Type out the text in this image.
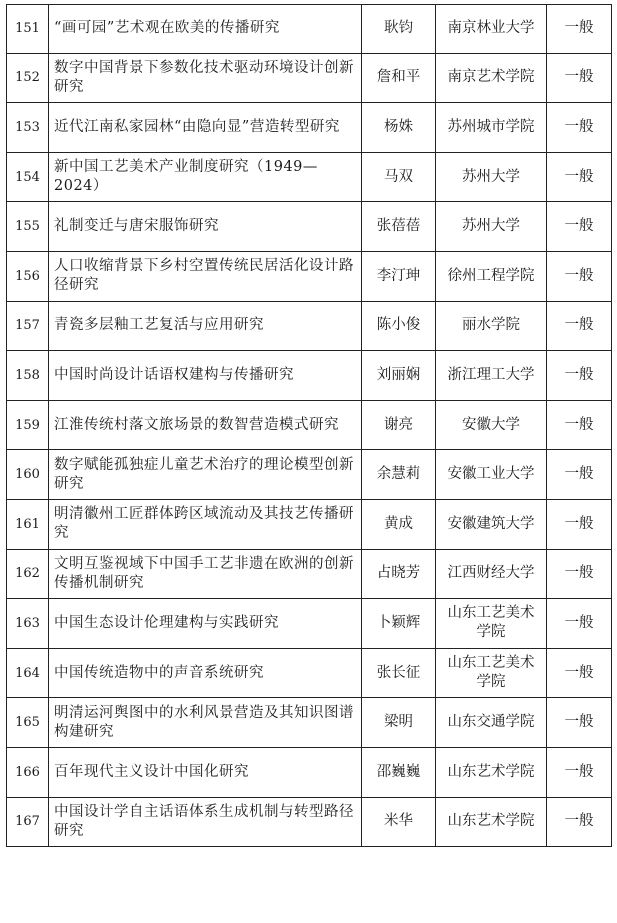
151	“画可园”艺术观在欧美的传播研究	耿钧	南京林业大学	一般
152	数字中国背景下参数化技术驱动环境设计创新研究	詹和平	南京艺术学院	一般
153	近代江南私家园林“由隐向显”营造转型研究	杨姝	苏州城市学院	一般
154	新中国工艺美术产业制度研究（1949—2024）	马双	苏州大学	一般
155	礼制变迁与唐宋服饰研究	张蓓蓓	苏州大学	一般
156	人口收缩背景下乡村空置传统民居活化设计路径研究	李汀珅	徐州工程学院	一般
157	青瓷多层釉工艺复活与应用研究	陈小俊	丽水学院	一般
158	中国时尚设计话语权建构与传播研究	刘丽娴	浙江理工大学	一般
159	江淮传统村落文旅场景的数智营造模式研究	谢亮	安徽大学	一般
160	数字赋能孤独症儿童艺术治疗的理论模型创新研究	余慧莉	安徽工业大学	一般
161	明清徽州工匠群体跨区域流动及其技艺传播研究	黄成	安徽建筑大学	一般
162	文明互鉴视域下中国手工艺非遗在欧洲的创新传播机制研究	占晓芳	江西财经大学	一般
163	中国生态设计伦理建构与实践研究	卜颖辉	山东工艺美术学院	一般
164	中国传统造物中的声音系统研究	张长征	山东工艺美术学院	一般
165	明清运河舆图中的水利风景营造及其知识图谱构建研究	梁明	山东交通学院	一般
166	百年现代主义设计中国化研究	邵巍巍	山东艺术学院	一般
167	中国设计学自主话语体系生成机制与转型路径研究	米华	山东艺术学院	一般
